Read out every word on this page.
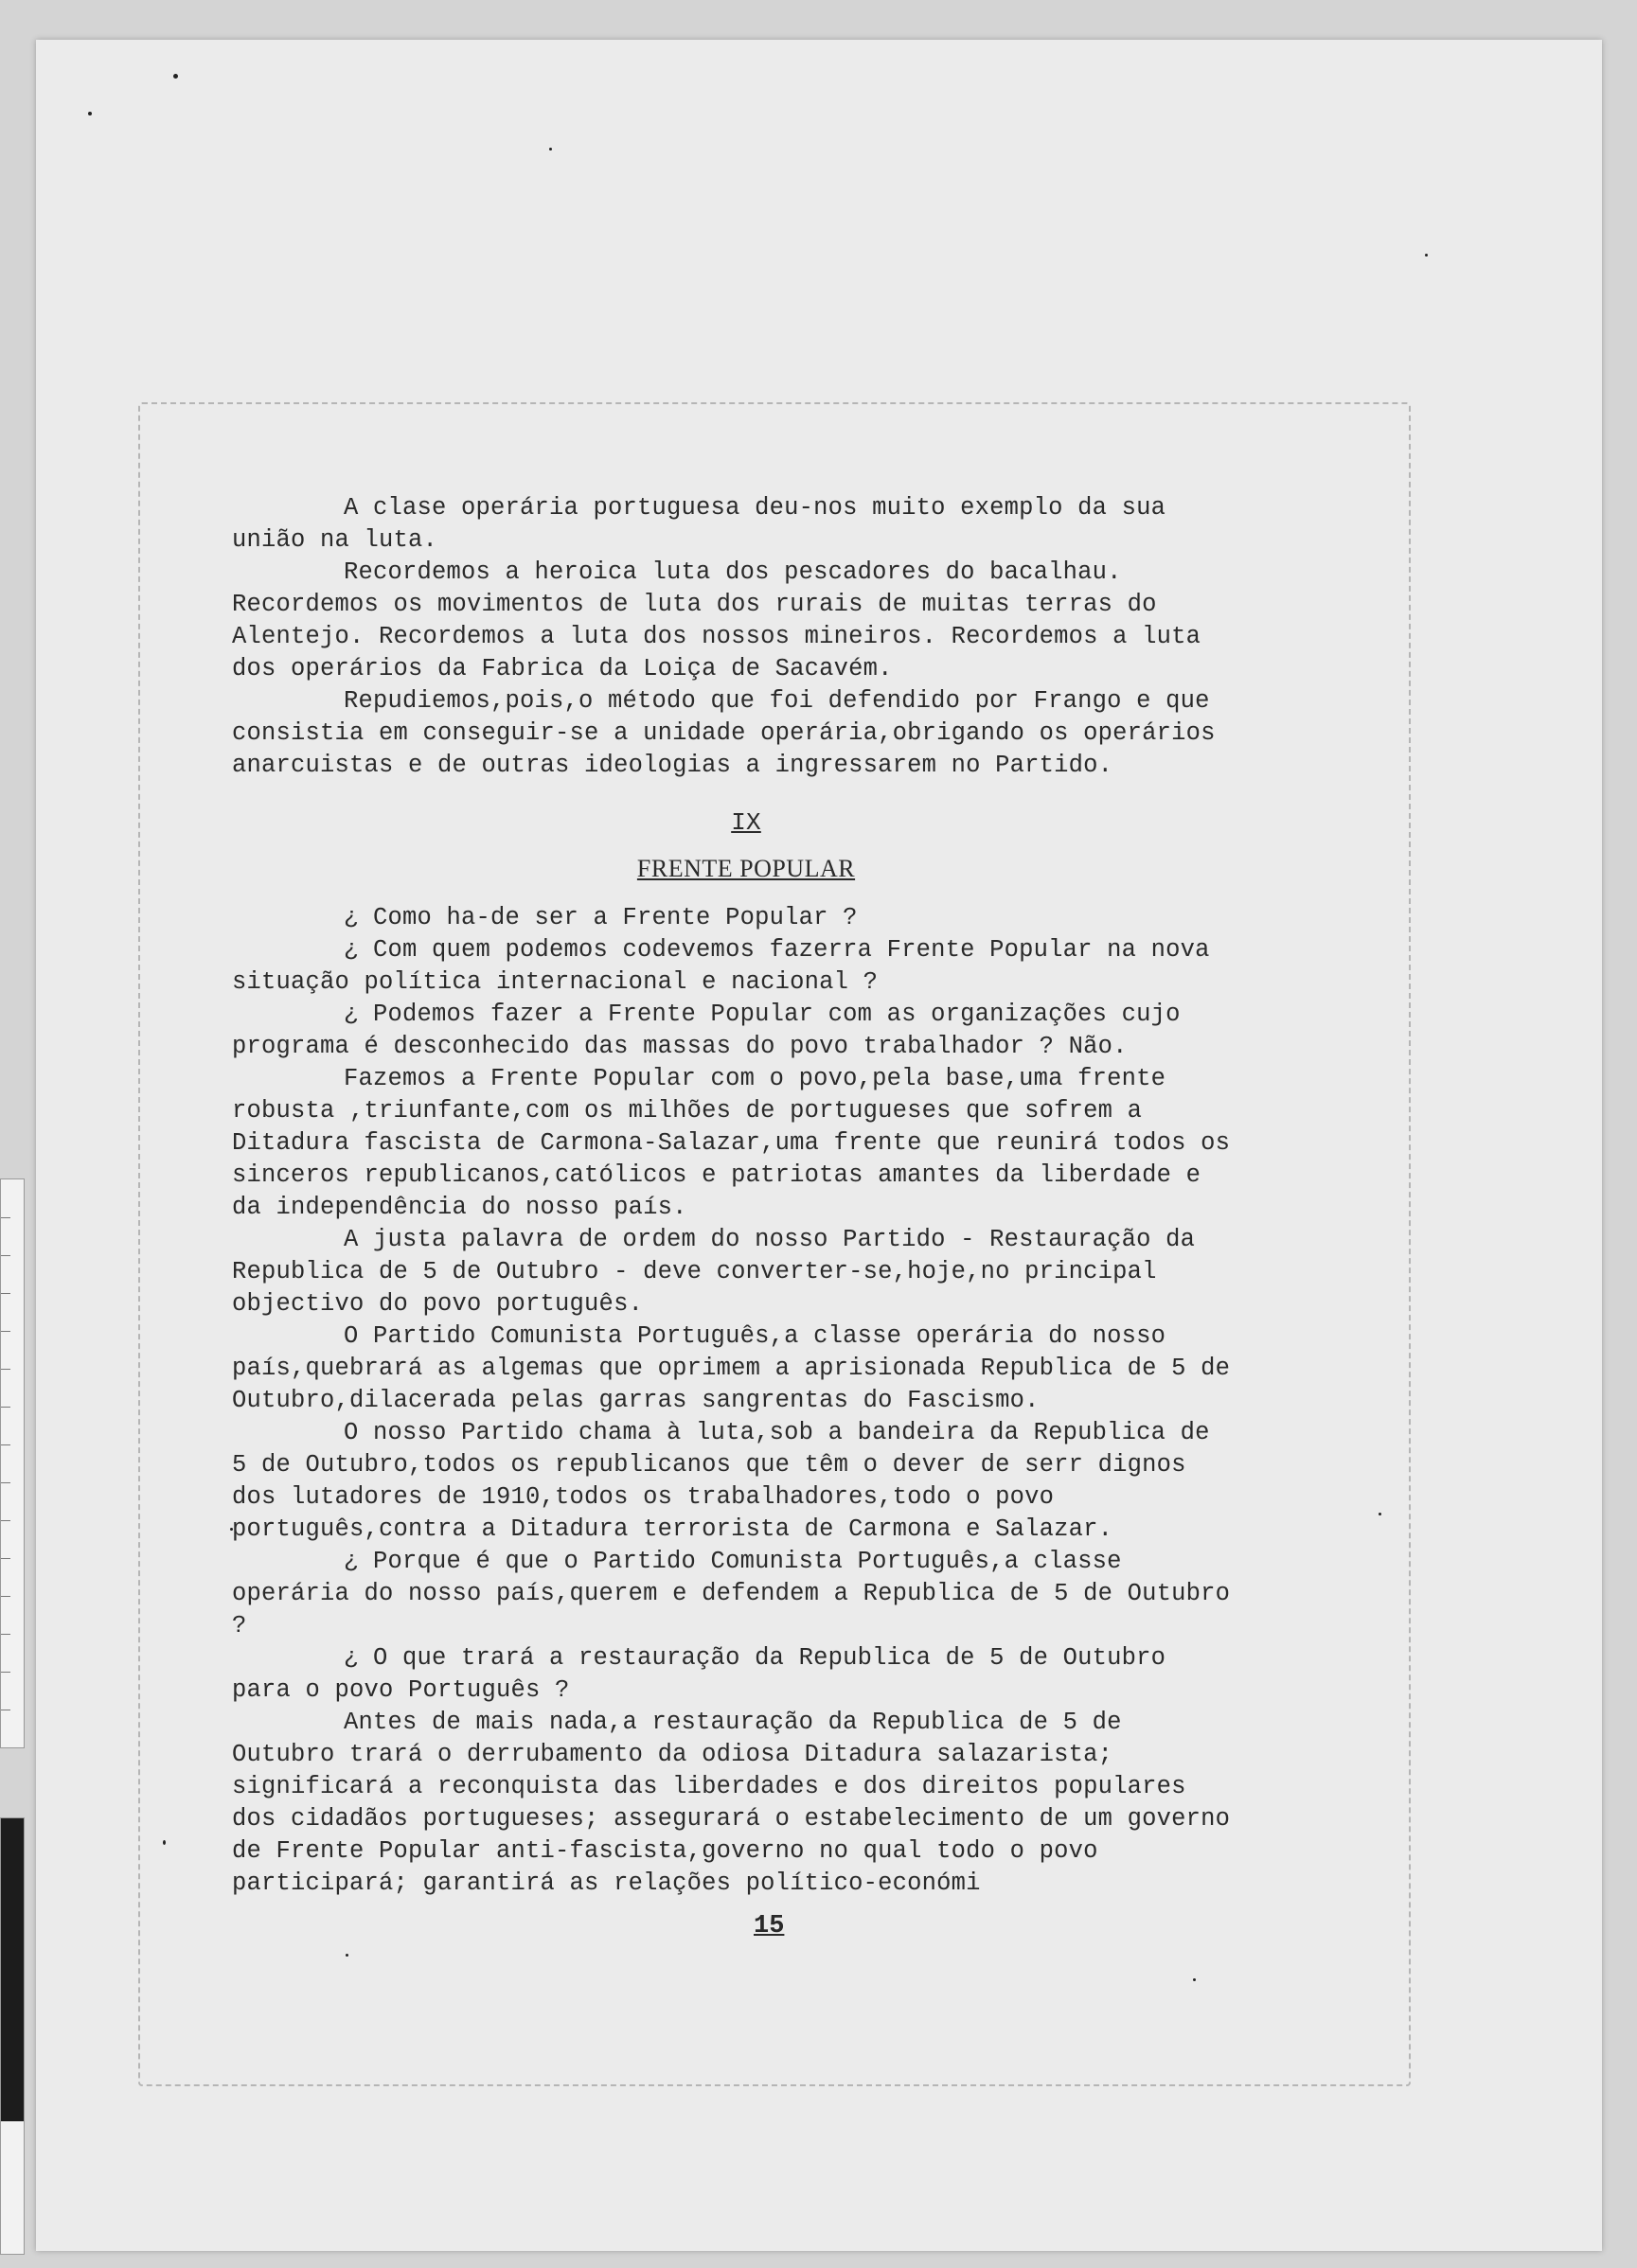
A clase operária portuguesa deu-nos muito exemplo da sua união na luta.

Recordemos a heroica luta dos pescadores do bacalhau. Recordemos os movimentos de luta dos rurais de muitas terras do Alentejo. Recordemos a luta dos nossos mineiros. Recordemos a luta dos operários da Fabrica da Loiça de Sacavém.

Repudiemos,pois,o método que foi defendido por Frango e que consistia em conseguir-se a unidade operária,obrigando os operários anarcuistas e de outras ideologias a ingressarem no Partido.

IX
FRENTE POPULAR

¿ Como ha-de ser a Frente Popular ?

¿ Com quem podemos codevemos fazerra Frente Popular na nova situação política internacional e nacional ?

¿ Podemos fazer a Frente Popular com as organizações cujo programa é desconhecido das massas do povo trabalhador ? Não.

Fazemos a Frente Popular com o povo,pela base,uma frente robusta ,triunfante,com os milhões de portugueses que sofrem a Ditadura fascista de Carmona-Salazar,uma frente que reunirá todos os sinceros republicanos,católicos e patriotas amantes da liberdade e da independência do nosso país.

A justa palavra de ordem do nosso Partido - Restauração da Republica de 5 de Outubro - deve converter-se,hoje,no principal objectivo do povo português.

O Partido Comunista Português,a classe operária do nosso país,quebrará as algemas que oprimem a aprisionada Republica de 5 de Outubro,dilacerada pelas garras sangrentas do Fascismo.

O nosso Partido chama à luta,sob a bandeira da Republica de 5 de Outubro,todos os republicanos que têm o dever de serr dignos dos lutadores de 1910,todos os trabalhadores,todo o povo português,contra a Ditadura terrorista de Carmona e Salazar.

¿ Porque é que o Partido Comunista Português,a classe operária do nosso país,querem e defendem a Republica de 5 de Outubro ?

¿ O que trará a restauração da Republica de 5 de Outubro para o povo Português ?

Antes de mais nada,a restauração da Republica de 5 de Outubro trará o derrubamento da odiosa Ditadura salazarista; significará a reconquista das liberdades e dos direitos populares dos cidadãos portugueses; assegurará o estabelecimento de um governo de Frente Popular anti-fascista,governo no qual todo o povo participará; garantirá as relações político-económi

15
